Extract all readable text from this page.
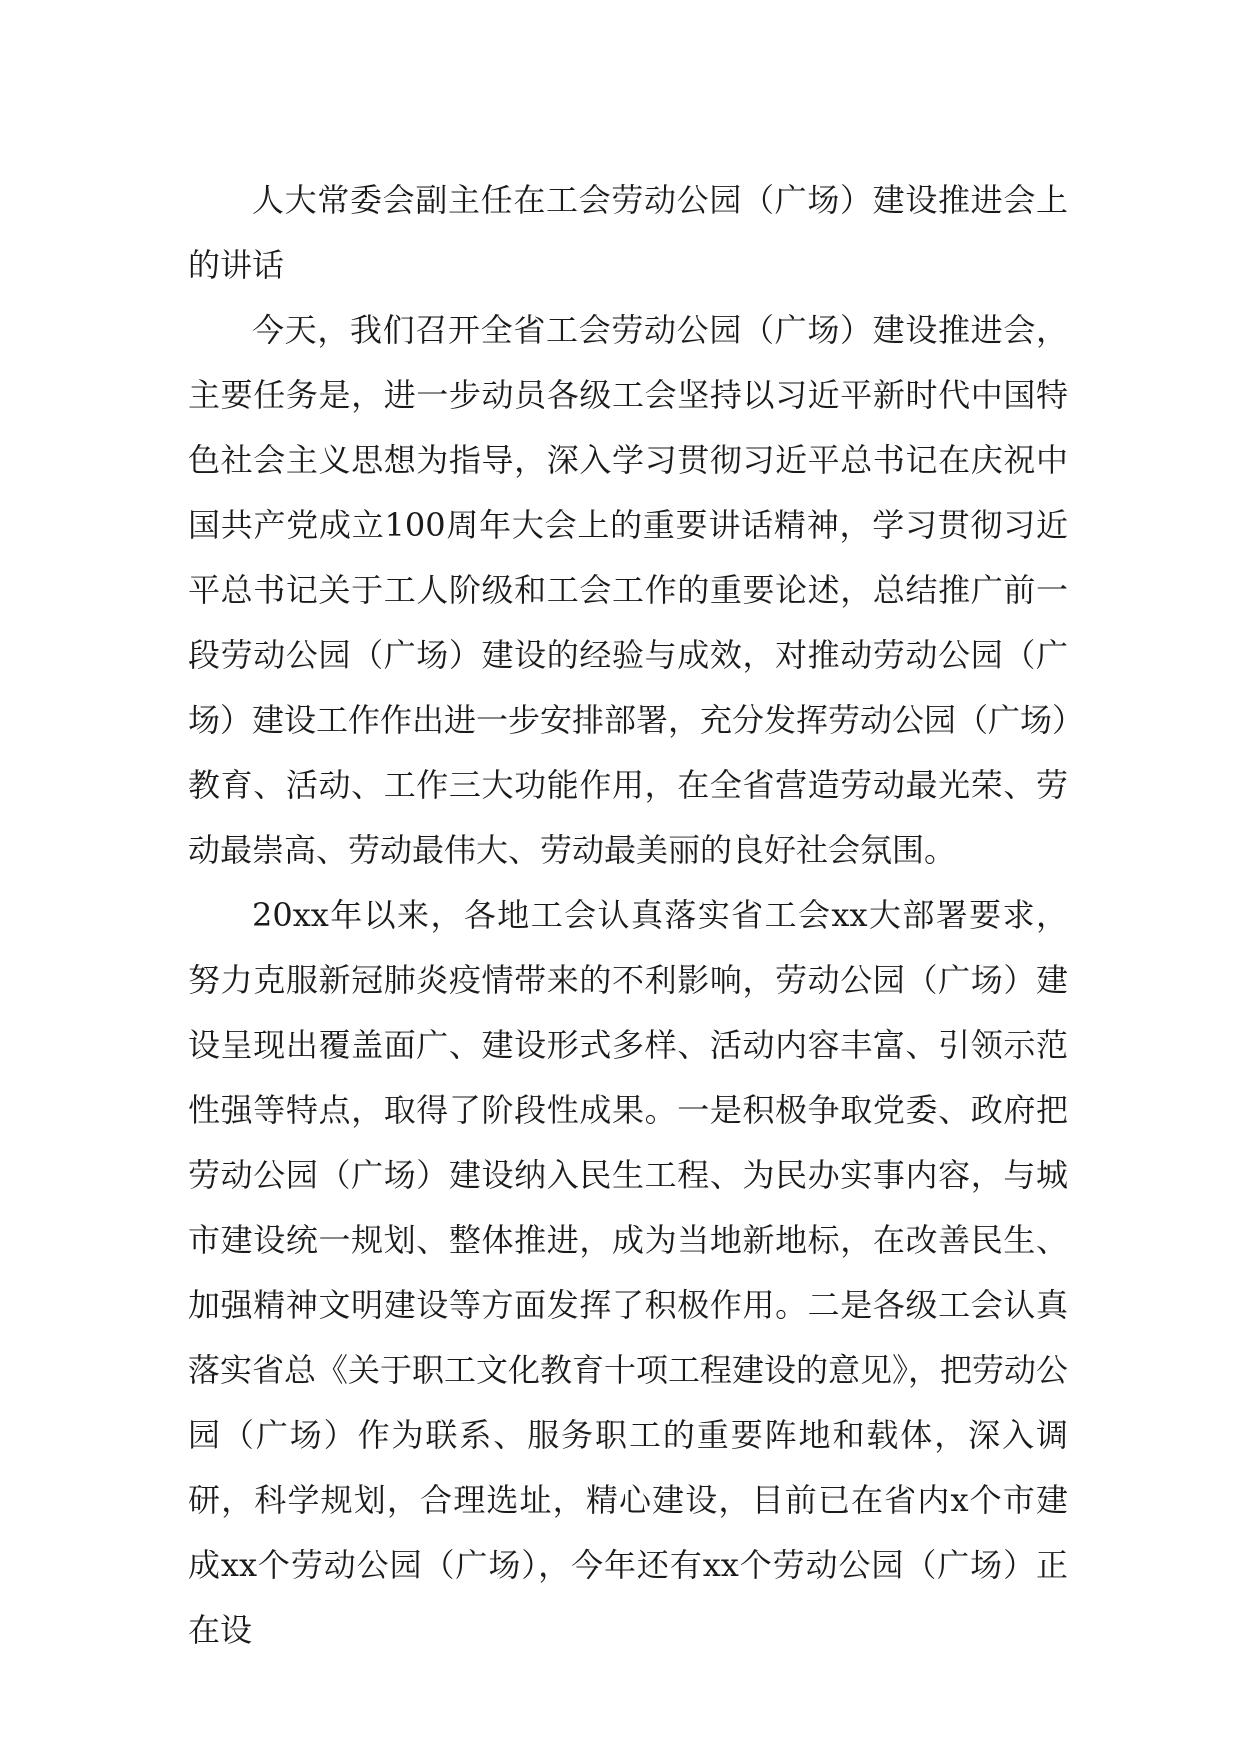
人大常委会副主任在工会劳动公园（广场）建设推进会上的讲话

今天，我们召开全省工会劳动公园（广场）建设推进会，主要任务是，进一步动员各级工会坚持以习近平新时代中国特色社会主义思想为指导，深入学习贯彻习近平总书记在庆祝中国共产党成立100周年大会上的重要讲话精神，学习贯彻习近平总书记关于工人阶级和工会工作的重要论述，总结推广前一段劳动公园（广场）建设的经验与成效，对推动劳动公园（广场）建设工作作出进一步安排部署，充分发挥劳动公园（广场）教育、活动、工作三大功能作用，在全省营造劳动最光荣、劳动最崇高、劳动最伟大、劳动最美丽的良好社会氛围。

20xx年以来，各地工会认真落实省工会xx大部署要求，努力克服新冠肺炎疫情带来的不利影响，劳动公园（广场）建设呈现出覆盖面广、建设形式多样、活动内容丰富、引领示范性强等特点，取得了阶段性成果。一是积极争取党委、政府把劳动公园（广场）建设纳入民生工程、为民办实事内容，与城市建设统一规划、整体推进，成为当地新地标，在改善民生、加强精神文明建设等方面发挥了积极作用。二是各级工会认真落实省总《关于职工文化教育十项工程建设的意见》，把劳动公园（广场）作为联系、服务职工的重要阵地和载体，深入调研，科学规划，合理选址，精心建设，目前已在省内x个市建成xx个劳动公园（广场），今年还有xx个劳动公园（广场）正在设
